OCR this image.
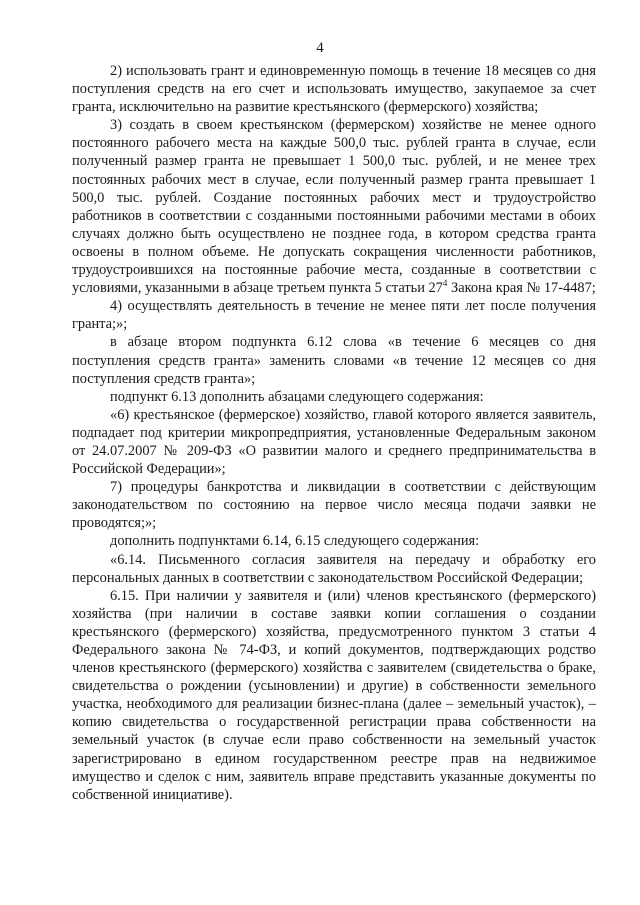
4

2) использовать грант и единовременную помощь в течение 18 месяцев со дня поступления средств на его счет и использовать имущество, закупаемое за счет гранта, исключительно на развитие крестьянского (фермерского) хозяйства;

3) создать в своем крестьянском (фермерском) хозяйстве не менее одного постоянного рабочего места на каждые 500,0 тыс. рублей гранта в случае, если полученный размер гранта не превышает 1 500,0 тыс. рублей, и не менее трех постоянных рабочих мест в случае, если полученный размер гранта превышает 1 500,0 тыс. рублей. Создание постоянных рабочих мест и трудоустройство работников в соответствии с созданными постоянными рабочими местами в обоих случаях должно быть осуществлено не позднее года, в котором средства гранта освоены в полном объеме. Не допускать сокращения численности работников, трудоустроившихся на постоянные рабочие места, созданные в соответствии с условиями, указанными в абзаце третьем пункта 5 статьи $27^4$ Закона края № 17-4487;

4) осуществлять деятельность в течение не менее пяти лет после получения гранта;»;

в абзаце втором подпункта 6.12 слова «в течение 6 месяцев со дня поступления средств гранта» заменить словами «в течение 12 месяцев со дня поступления средств гранта»;

подпункт 6.13 дополнить абзацами следующего содержания:

«6) крестьянское (фермерское) хозяйство, главой которого является заявитель, подпадает под критерии микропредприятия, установленные Федеральным законом от 24.07.2007 № 209-ФЗ «О развитии малого и среднего предпринимательства в Российской Федерации»;

7) процедуры банкротства и ликвидации в соответствии с действующим законодательством по состоянию на первое число месяца подачи заявки не проводятся;»;

дополнить подпунктами 6.14, 6.15 следующего содержания:

«6.14. Письменного согласия заявителя на передачу и обработку его персональных данных в соответствии с законодательством Российской Федерации;

6.15. При наличии у заявителя и (или) членов крестьянского (фермерского) хозяйства (при наличии в составе заявки копии соглашения о создании крестьянского (фермерского) хозяйства, предусмотренного пунктом 3 статьи 4 Федерального закона № 74-ФЗ, и копий документов, подтверждающих родство членов крестьянского (фермерского) хозяйства с заявителем (свидетельства о браке, свидетельства о рождении (усыновлении) и другие) в собственности земельного участка, необходимого для реализации бизнес-плана (далее – земельный участок), – копию свидетельства о государственной регистрации права собственности на земельный участок (в случае если право собственности на земельный участок зарегистрировано в едином государственном реестре прав на недвижимое имущество и сделок с ним, заявитель вправе представить указанные документы по собственной инициативе).
